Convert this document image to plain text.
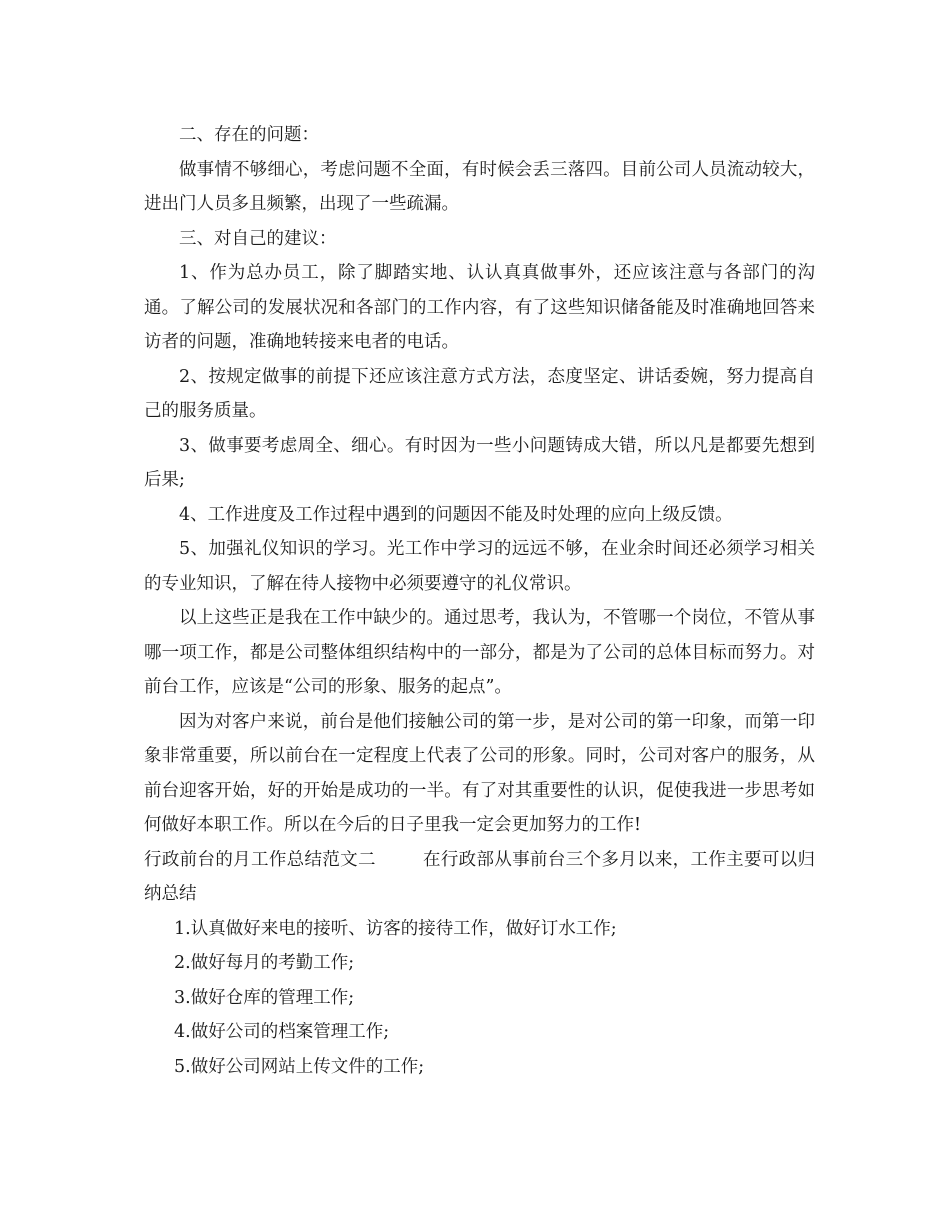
二、存在的问题：

做事情不够细心，考虑问题不全面，有时候会丢三落四。目前公司人员流动较大，进出门人员多且频繁，出现了一些疏漏。

三、对自己的建议：

1、作为总办员工，除了脚踏实地、认认真真做事外，还应该注意与各部门的沟通。了解公司的发展状况和各部门的工作内容，有了这些知识储备能及时准确地回答来访者的问题，准确地转接来电者的电话。

2、按规定做事的前提下还应该注意方式方法，态度坚定、讲话委婉，努力提高自己的服务质量。

3、做事要考虑周全、细心。有时因为一些小问题铸成大错，所以凡是都要先想到后果;

4、工作进度及工作过程中遇到的问题因不能及时处理的应向上级反馈。

5、加强礼仪知识的学习。光工作中学习的远远不够，在业余时间还必须学习相关的专业知识，了解在待人接物中必须要遵守的礼仪常识。

以上这些正是我在工作中缺少的。通过思考，我认为，不管哪一个岗位，不管从事哪一项工作，都是公司整体组织结构中的一部分，都是为了公司的总体目标而努力。对前台工作，应该是“公司的形象、服务的起点”。

因为对客户来说，前台是他们接触公司的第一步，是对公司的第一印象，而第一印象非常重要，所以前台在一定程度上代表了公司的形象。同时，公司对客户的服务，从前台迎客开始，好的开始是成功的一半。有了对其重要性的认识，促使我进一步思考如何做好本职工作。所以在今后的日子里我一定会更加努力的工作!

行政前台的月工作总结范文二        在行政部从事前台三个多月以来，工作主要可以归纳总结

1.认真做好来电的接听、访客的接待工作，做好订水工作;

2.做好每月的考勤工作;

3.做好仓库的管理工作;

4.做好公司的档案管理工作;

5.做好公司网站上传文件的工作;
